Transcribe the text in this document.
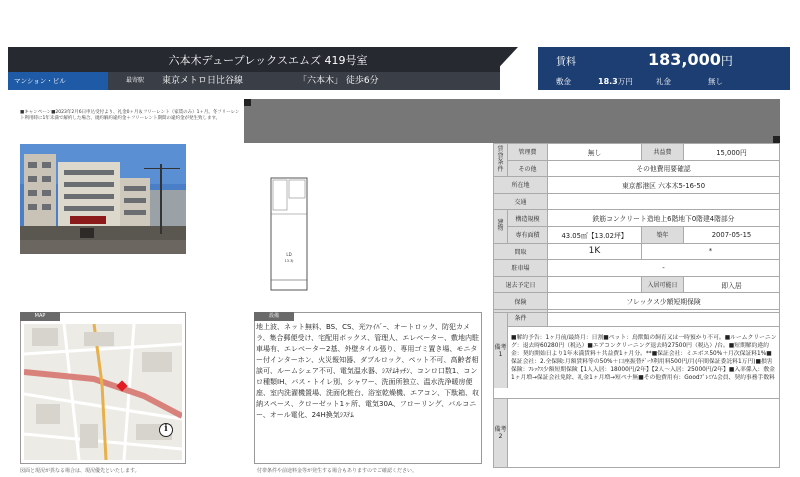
六本木デュープレックスエムズ 419号室
マンション・ビル	最寄駅 東京メトロ日比谷線	「六本木」 徒歩6分
賃料	183,000円
敷金	18.3万円	礼金	無し
■キャンペーン■2023年2月6日申込受付より、礼金0ヶ月＆フリーレント（家賃のみ）1ヶ月。冬フリーレント利用時に1年未満で解約した場合、規約解約違約金＋フリーレント期間の違約金が発生致します。
LD
13.3J
賃貸条件	管理費	無し	共益費	15,000円
	その他	その他費用要確認		
所在地		東京都港区 六本木5-16-50		
交通				
建物	構造規模	鉄筋コンクリート造地上6階地下0階建4階部分		
	専有面積	43.05㎡【13.02坪】	築年	2007-05-15
間取		1K	*	
駐車場		-		
退去予定日			入居可能日	即入居
保険		フレックス少額短期保険		
条件				
MAP
i
設備
地上波、ネット無料、BS、CS、光ﾌｧｲﾊﾞｰ、オートロック、防犯カメラ、集合郵便受け、宅配用ボックス、管理人、エレベーター、敷地内駐車場有、エレベーター2基、外壁タイル張り、専用ゴミ置き場、モニター付インターホン、火災報知器、ダブルロック、ペット不可、高齢者相談可、ルームシェア不可、電気温水器、ｼｽﾃﾑｷｯﾁﾝ、コンロ口数1、コンロ種類IH、バス・トイレ別、シャワー、洗面所独立、温水洗浄暖房便座、室内洗濯機置場、洗面化粧台、浴室乾燥機、エアコン、下駄箱、収納スペース、クローゼット1ヶ所、電気30A、フローリング、バルコニー、オール電化、24H換気ｼｽﾃﾑ
備考1
■解約予告：1ヶ月前/最終月：日割■ペット：鳥獣類の飼育又は一時預かり不可。■ルームクリーニング：退去時60280円（税込）■エアコンクリーニング退去時27500円（税込）/台。■短期解約違約金：契約開始日より1年未満賃料＋共益費1ヶ月分。**■保証会社：ミエボス50%＋月次保証料1%■保証会社：2.全保険:月額賃料等の50%＋口座振替ﾃﾞｰﾀ利用料500円/月(年間保証委託料1万円)■損害保険：ﾌﾚｯｸｽ少額短期保険【1人入居：18000円/2年】【2人～入居：25000円/2年】■入率係入：敷金1ヶ月増→保証会社免除、礼金1ヶ月増→短ペナ無■その他費用有：Goodﾌﾟﾚﾐｱﾑ会員、契約事務手数料
備考2
図面と現況が異なる場合は、現況優先といたします。	付帯条件や前途料金等が発生する場合もありますのでご確認ください。
